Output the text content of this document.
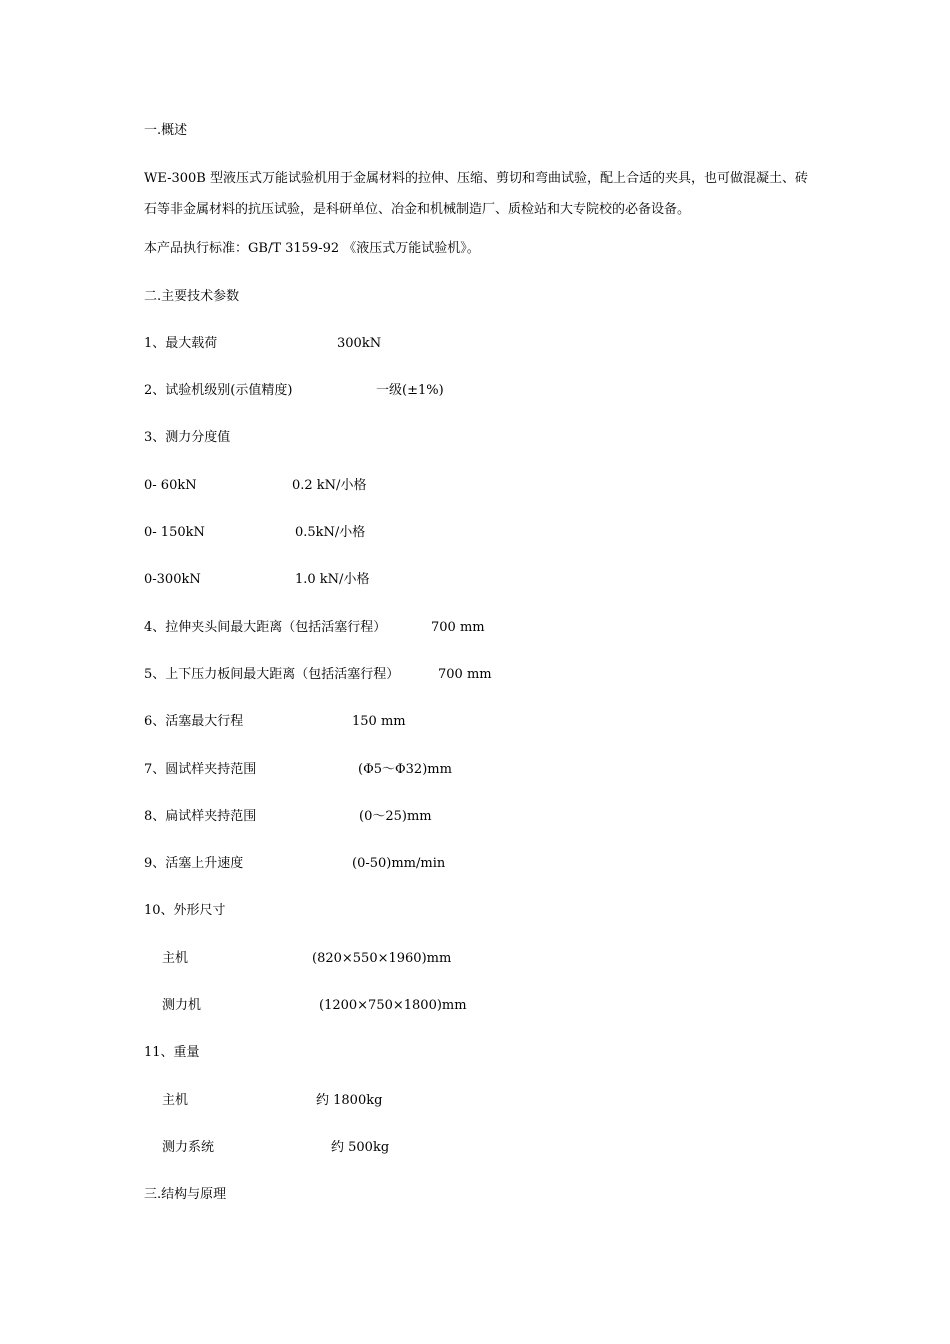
一.概述
WE-300B 型液压式万能试验机用于金属材料的拉伸、压缩、剪切和弯曲试验，配上合适的夹具，也可做混凝土、砖石等非金属材料的抗压试验，是科研单位、冶金和机械制造厂、质检站和大专院校的必备设备。
本产品执行标准：GB/T 3159-92 《液压式万能试验机》。
二.主要技术参数
1、最大载荷	300kN
2、试验机级别(示值精度)	一级(±1%)
3、测力分度值
0- 60kN	0.2 kN/小格
0- 150kN	0.5kN/小格
0-300kN	1.0 kN/小格
4、拉伸夹头间最大距离（包括活塞行程）	700 mm
5、上下压力板间最大距离（包括活塞行程）	700 mm
6、活塞最大行程	150 mm
7、圆试样夹持范围	(Φ5～Φ32)mm
8、扁试样夹持范围	(0～25)mm
9、活塞上升速度	(0-50)mm/min
10、外形尺寸
主机	(820×550×1960)mm
测力机	(1200×750×1800)mm
11、重量
主机	约 1800kg
测力系统	约 500kg
三.结构与原理
